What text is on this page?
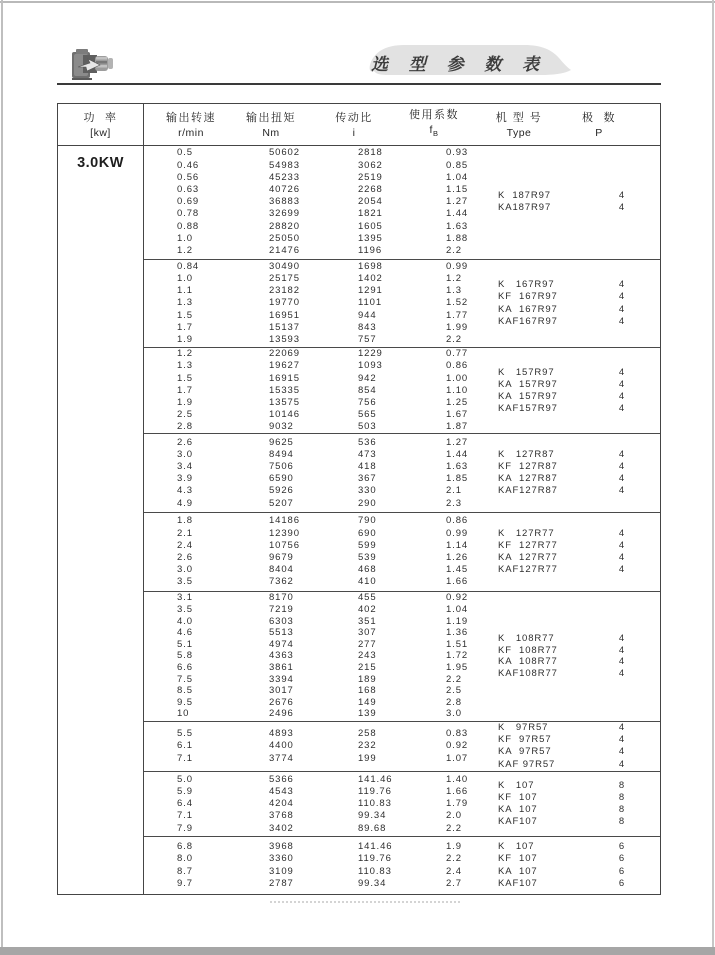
选 型 参 数 表
功  率
[kw]
输出转速
r/min
输出扭矩
Nm
传动比
i
使用系数
$f_B$
机 型 号
Type
极  数
P
3.0KW
0.5
0.46
0.56
0.63
0.69
0.78
0.88
1.0
1.2
50602
54983
45233
40726
36883
32699
28820
25050
21476
2818
3062
2519
2268
2054
1821
1605
1395
1196
0.93
0.85
1.04
1.15
1.27
1.44
1.63
1.88
2.2
K  187R97
KA187R97
4
4
0.84
1.0
1.1
1.3
1.5
1.7
1.9
30490
25175
23182
19770
16951
15137
13593
1698
1402
1291
1101
944
843
757
0.99
1.2
1.3
1.52
1.77
1.99
2.2
K   167R97
KF  167R97
KA  167R97
KAF167R97
4
4
4
4
1.2
1.3
1.5
1.7
1.9
2.5
2.8
22069
19627
16915
15335
13575
10146
9032
1229
1093
942
854
756
565
503
0.77
0.86
1.00
1.10
1.25
1.67
1.87
K   157R97
KA  157R97
KA  157R97
KAF157R97
4
4
4
4
2.6
3.0
3.4
3.9
4.3
4.9
9625
8494
7506
6590
5926
5207
536
473
418
367
330
290
1.27
1.44
1.63
1.85
2.1
2.3
K   127R87
KF  127R87
KA  127R87
KAF127R87
4
4
4
4
1.8
2.1
2.4
2.6
3.0
3.5
14186
12390
10756
9679
8404
7362
790
690
599
539
468
410
0.86
0.99
1.14
1.26
1.45
1.66
K   127R77
KF  127R77
KA  127R77
KAF127R77
4
4
4
4
3.1
3.5
4.0
4.6
5.1
5.8
6.6
7.5
8.5
9.5
10
8170
7219
6303
5513
4974
4363
3861
3394
3017
2676
2496
455
402
351
307
277
243
215
189
168
149
139
0.92
1.04
1.19
1.36
1.51
1.72
1.95
2.2
2.5
2.8
3.0
K   108R77
KF  108R77
KA  108R77
KAF108R77
4
4
4
4
5.5
6.1
7.1
4893
4400
3774
258
232
199
0.83
0.92
1.07
K   97R57
KF  97R57
KA  97R57
KAF 97R57
4
4
4
4
5.0
5.9
6.4
7.1
7.9
5366
4543
4204
3768
3402
141.46
119.76
110.83
99.34
89.68
1.40
1.66
1.79
2.0
2.2
K   107
KF  107
KA  107
KAF107
8
8
8
8
6.8
8.0
8.7
9.7
3968
3360
3109
2787
141.46
119.76
110.83
99.34
1.9
2.2
2.4
2.7
K   107
KF  107
KA  107
KAF107
6
6
6
6
